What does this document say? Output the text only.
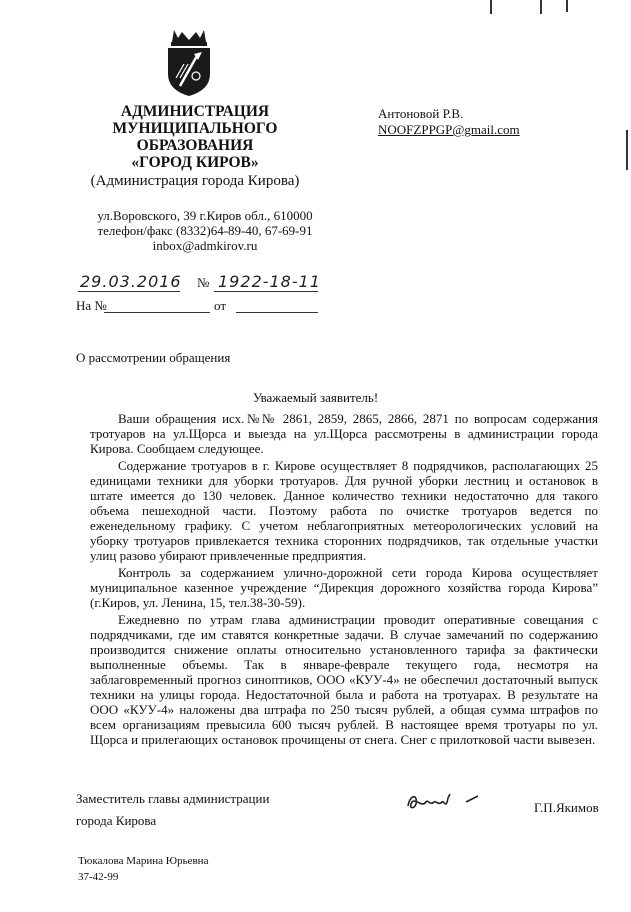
АДМИНИСТРАЦИЯ
МУНИЦИПАЛЬНОГО
ОБРАЗОВАНИЯ
«ГОРОД КИРОВ»
(Администрация города Кирова)
ул.Воровского, 39 г.Киров обл., 610000
телефон/факс (8332)64-89-40, 67-69-91
inbox@admkirov.ru
Антоновой Р.В.
NOOFZPPGP@gmail.com
29.03.2016 № 1922-18-11
На №	от
О рассмотрении обращения
Уважаемый заявитель!

Ваши обращения исх.№№ 2861, 2859, 2865, 2866, 2871 по вопросам содержания тротуаров на ул.Щорса и выезда на ул.Щорса рассмотрены в администрации города Кирова. Сообщаем следующее.

Содержание тротуаров в г. Кирове осуществляет 8 подрядчиков, располагающих 25 единицами техники для уборки тротуаров. Для ручной уборки лестниц и остановок в штате имеется до 130 человек. Данное количество техники недостаточно для такого объема пешеходной части. Поэтому работа по очистке тротуаров ведется по еженедельному графику. С учетом неблагоприятных метеорологических условий на уборку тротуаров привлекается техника сторонних подрядчиков, так отдельные участки улиц разово убирают привлеченные предприятия.

Контроль за содержанием улично-дорожной сети города Кирова осуществляет муниципальное казенное учреждение “Дирекция дорожного хозяйства города Кирова” (г.Киров, ул. Ленина, 15, тел.38-30-59).

Ежедневно по утрам глава администрации проводит оперативные совещания с подрядчиками, где им ставятся конкретные задачи. В случае замечаний по содержанию производится снижение оплаты относительно установленного тарифа за фактически выполненные объемы. Так в январе-феврале текущего года, несмотря на заблаговременный прогноз синоптиков, ООО «КУУ-4» не обеспечил достаточный выпуск техники на улицы города. Недостаточной была и работа на тротуарах. В результате на ООО «КУУ-4» наложены два штрафа по 250 тысяч рублей, а общая сумма штрафов по всем организациям превысила 600 тысяч рублей. В настоящее время тротуары по ул. Щорса и прилегающих остановок прочищены от снега. Снег с прилотковой части вывезен.

Заместитель главы администрации
города Кирова
Г.П.Якимов
Тюкалова Марина Юрьевна
37-42-99
